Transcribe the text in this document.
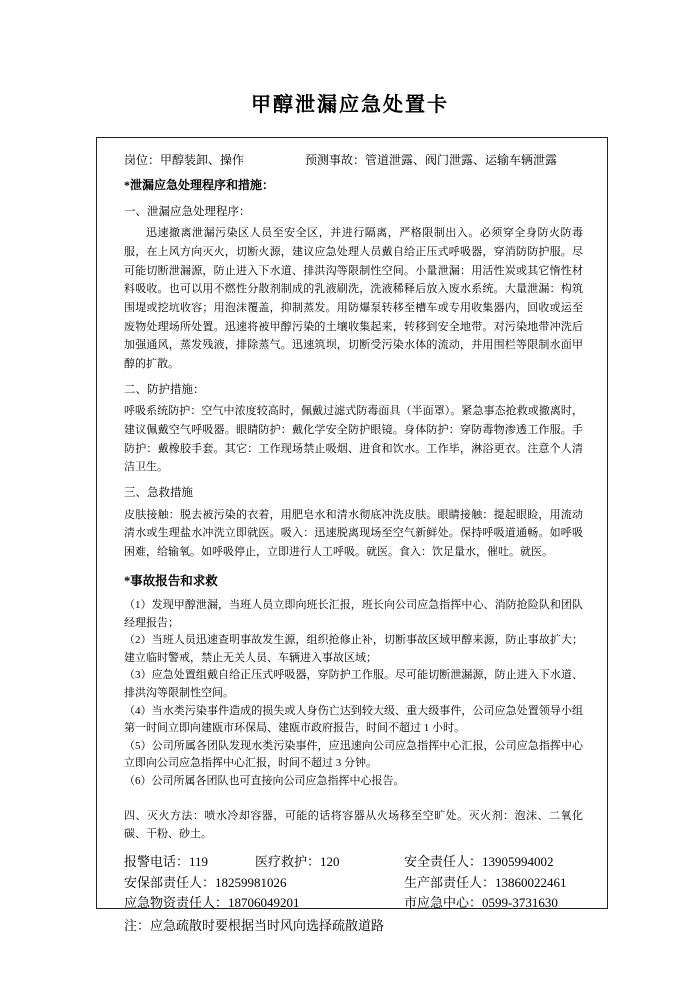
甲醇泄漏应急处置卡
岗位：甲醇装卸、操作	预测事故：管道泄露、阀门泄露、运输车辆泄露
*泄漏应急处理程序和措施：
一、泄漏应急处理程序：

迅速撤离泄漏污染区人员至安全区，并进行隔离，严格限制出入。必须穿全身防火防毒服，在上风方向灭火，切断火源，建议应急处理人员戴自给正压式呼吸器，穿消防防护服。尽可能切断泄漏源，防止进入下水道、排洪沟等限制性空间。小量泄漏：用活性炭或其它惰性材料吸收。也可以用不燃性分散剂制成的乳液刷洗，洗液稀释后放入废水系统。大量泄漏：构筑围堤或挖坑收容；用泡沫覆盖，抑制蒸发。用防爆泵转移至槽车或专用收集器内，回收或运至废物处理场所处置。迅速将被甲醇污染的土壤收集起来，转移到安全地带。对污染地带冲洗后加强通风，蒸发残液，排除蒸气。迅速筑坝，切断受污染水体的流动，并用围栏等限制水面甲醇的扩散。

二、防护措施：

呼吸系统防护：空气中浓度较高时，佩戴过滤式防毒面具（半面罩）。紧急事态抢救或撤离时，建议佩戴空气呼吸器。眼睛防护：戴化学安全防护眼镜。身体防护：穿防毒物渗透工作服。手防护：戴橡胶手套。其它：工作现场禁止吸烟、进食和饮水。工作毕，淋浴更衣。注意个人清洁卫生。

三、急救措施

皮肤接触：脱去被污染的衣着，用肥皂水和清水彻底冲洗皮肤。眼睛接触：提起眼睑，用流动清水或生理盐水冲洗立即就医。吸入：迅速脱离现场至空气新鲜处。保持呼吸道通畅。如呼吸困难，给输氧。如呼吸停止，立即进行人工呼吸。就医。食入：饮足量水，催吐。就医。

*事故报告和求救

（1）发现甲醇泄漏，当班人员立即向班长汇报，班长向公司应急指挥中心、消防抢险队和团队经理报告；

（2）当班人员迅速查明事故发生源，组织抢修止补，切断事故区域甲醇来源，防止事故扩大；建立临时警戒，禁止无关人员、车辆进入事故区域；

（3）应急处置组戴自给正压式呼吸器，穿防护工作服。尽可能切断泄漏源，防止进入下水道、排洪沟等限制性空间。

（4）当水类污染事件造成的损失或人身伤亡达到较大级、重大级事件，公司应急处置领导小组第一时间立即向建瓯市环保局、建瓯市政府报告，时间不超过 1 小时。

（5）公司所属各团队发现水类污染事件，应迅速向公司应急指挥中心汇报，公司应急指挥中心立即向公司应急指挥中心汇报，时间不超过 3 分钟。

（6）公司所属各团队也可直接向公司应急指挥中心报告。

四、灭火方法：喷水冷却容器，可能的话将容器从火场移至空旷处。灭火剂：泡沫、二氧化碳、干粉、砂土。

报警电话：119	医疗救护：120	安全责任人：13905994002
安保部责任人：18259981026	生产部责任人：13860022461
应急物资责任人：18706049201	市应急中心：0599-3731630
注：应急疏散时要根据当时风向选择疏散道路
